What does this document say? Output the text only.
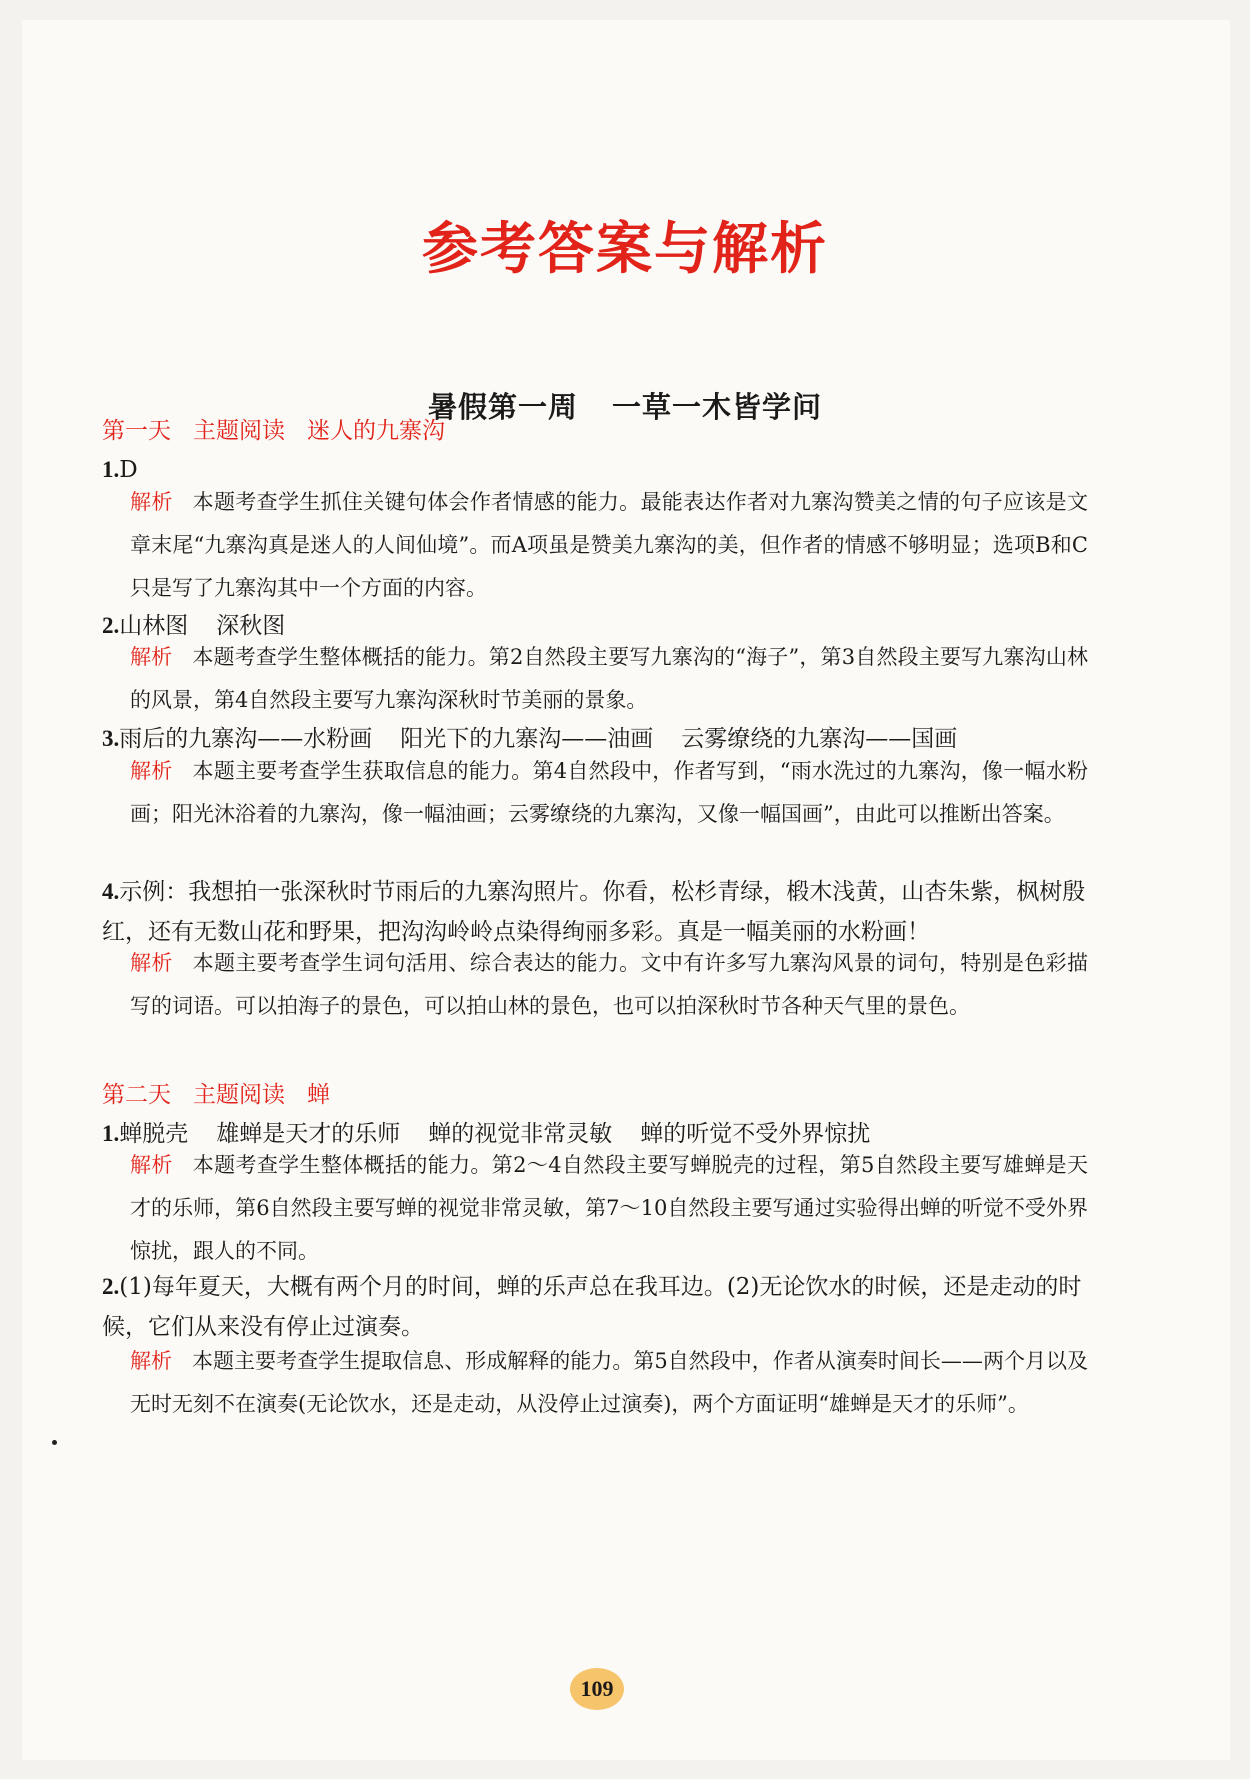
参考答案与解析
暑假第一周 一草一木皆学问
第一天 主题阅读 迷人的九寨沟
1.D
解析 本题考查学生抓住关键句体会作者情感的能力。最能表达作者对九寨沟赞美之情的句子应该是文章末尾“九寨沟真是迷人的人间仙境”。而A项虽是赞美九寨沟的美，但作者的情感不够明显；选项B和C只是写了九寨沟其中一个方面的内容。
2.山林图 深秋图
解析 本题考查学生整体概括的能力。第2自然段主要写九寨沟的“海子”，第3自然段主要写九寨沟山林的风景，第4自然段主要写九寨沟深秋时节美丽的景象。
3.雨后的九寨沟——水粉画 阳光下的九寨沟——油画 云雾缭绕的九寨沟——国画
解析 本题主要考查学生获取信息的能力。第4自然段中，作者写到，“雨水洗过的九寨沟，像一幅水粉画；阳光沐浴着的九寨沟，像一幅油画；云雾缭绕的九寨沟，又像一幅国画”，由此可以推断出答案。
4.示例：我想拍一张深秋时节雨后的九寨沟照片。你看，松杉青绿，椴木浅黄，山杏朱紫，枫树殷红，还有无数山花和野果，把沟沟岭岭点染得绚丽多彩。真是一幅美丽的水粉画！
解析 本题主要考查学生词句活用、综合表达的能力。文中有许多写九寨沟风景的词句，特别是色彩描写的词语。可以拍海子的景色，可以拍山林的景色，也可以拍深秋时节各种天气里的景色。
第二天 主题阅读 蝉
1.蝉脱壳 雄蝉是天才的乐师 蝉的视觉非常灵敏 蝉的听觉不受外界惊扰
解析 本题考查学生整体概括的能力。第2～4自然段主要写蝉脱壳的过程，第5自然段主要写雄蝉是天才的乐师，第6自然段主要写蝉的视觉非常灵敏，第7～10自然段主要写通过实验得出蝉的听觉不受外界惊扰，跟人的不同。
2.(1)每年夏天，大概有两个月的时间，蝉的乐声总在我耳边。(2)无论饮水的时候，还是走动的时候，它们从来没有停止过演奏。
解析 本题主要考查学生提取信息、形成解释的能力。第5自然段中，作者从演奏时间长——两个月以及无时无刻不在演奏(无论饮水，还是走动，从没停止过演奏)，两个方面证明“雄蝉是天才的乐师”。
109
